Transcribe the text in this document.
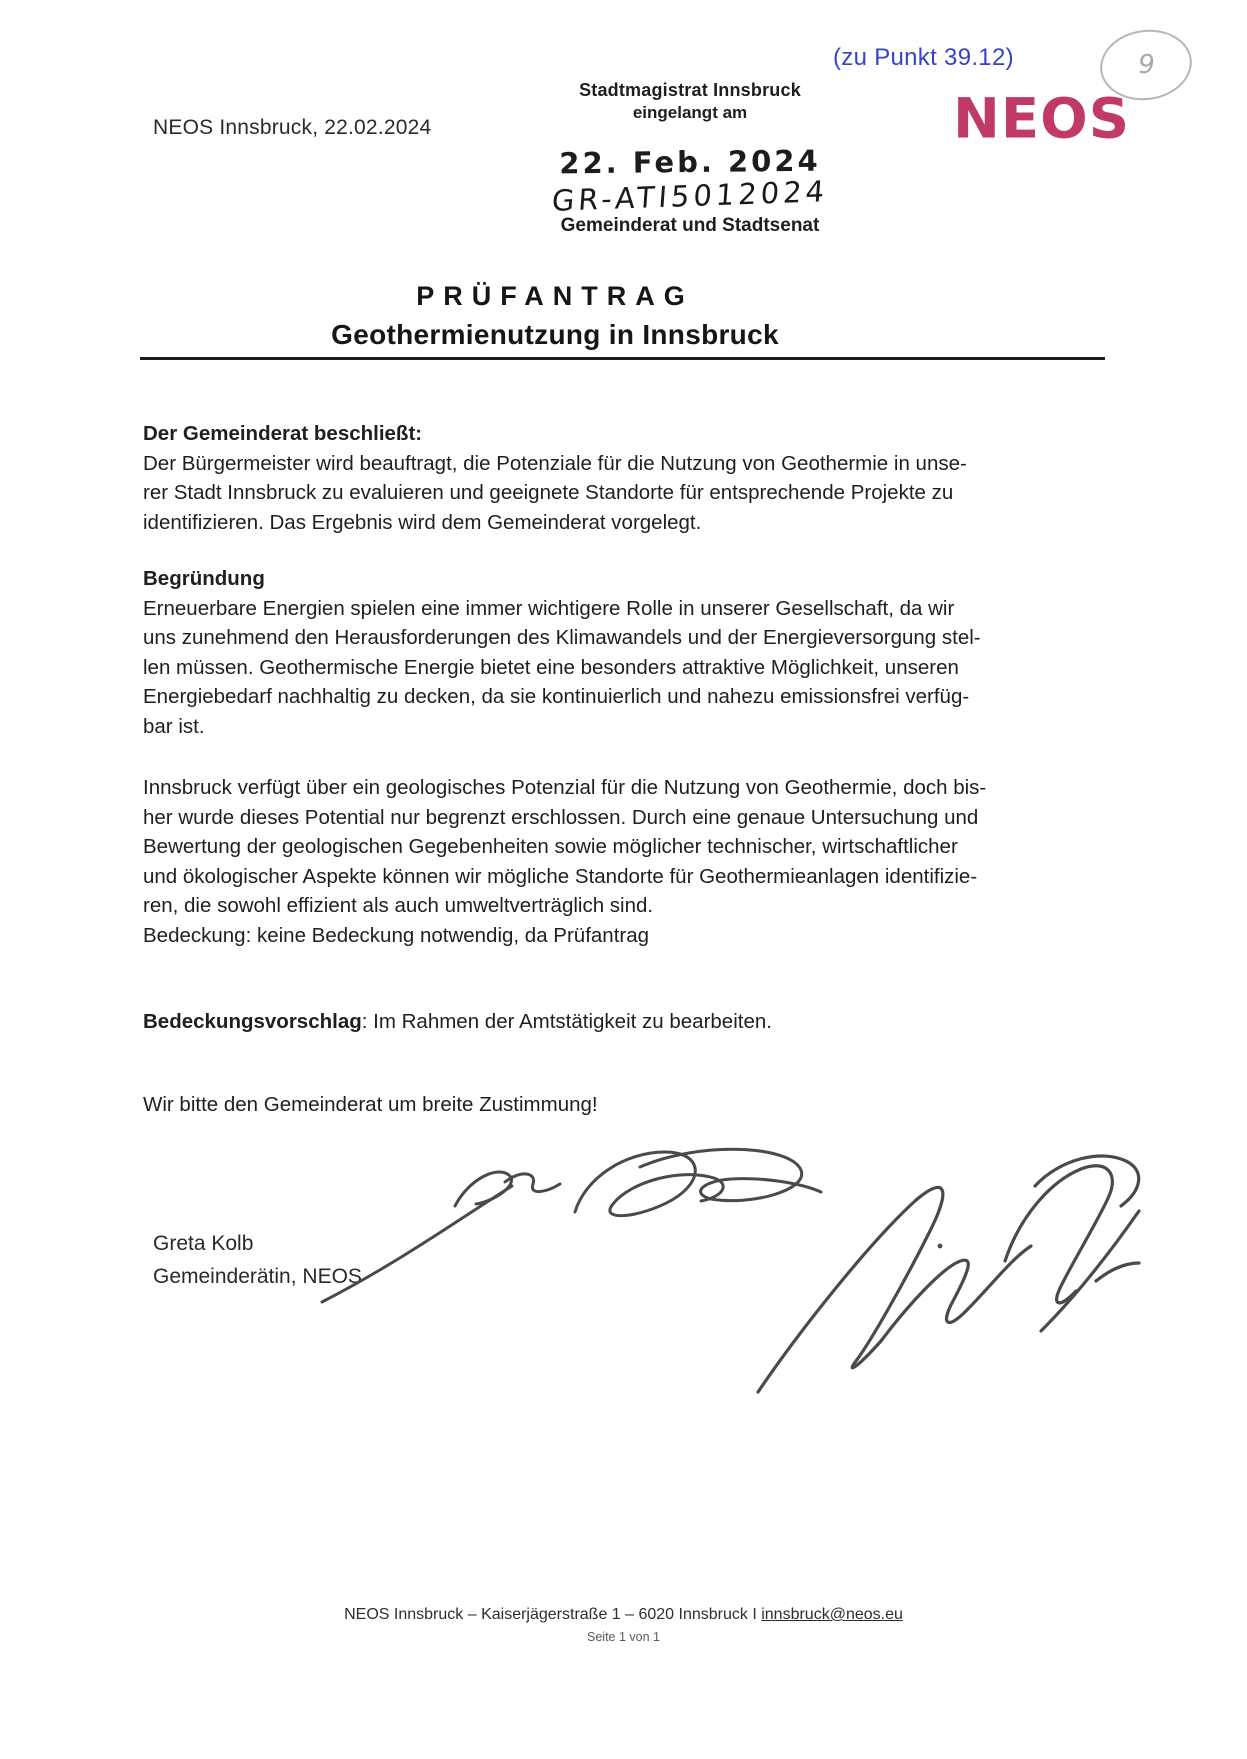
NEOS Innsbruck, 22.02.2024
(zu Punkt 39.12)
Stadtmagistrat Innsbruck
eingelangt am
22. Feb. 2024
GR-ATI5012024
Gemeinderat und Stadtsenat
NEOS
9
PRÜFANTRAG
Geothermienutzung in Innsbruck
Der Gemeinderat beschließt:
Der Bürgermeister wird beauftragt, die Potenziale für die Nutzung von Geothermie in unse-
rer Stadt Innsbruck zu evaluieren und geeignete Standorte für entsprechende Projekte zu
identifizieren. Das Ergebnis wird dem Gemeinderat vorgelegt.
Begründung
Erneuerbare Energien spielen eine immer wichtigere Rolle in unserer Gesellschaft, da wir
uns zunehmend den Herausforderungen des Klimawandels und der Energieversorgung stel-
len müssen. Geothermische Energie bietet eine besonders attraktive Möglichkeit, unseren
Energiebedarf nachhaltig zu decken, da sie kontinuierlich und nahezu emissionsfrei verfüg-
bar ist.
Innsbruck verfügt über ein geologisches Potenzial für die Nutzung von Geothermie, doch bis-
her wurde dieses Potential nur begrenzt erschlossen. Durch eine genaue Untersuchung und
Bewertung der geologischen Gegebenheiten sowie möglicher technischer, wirtschaftlicher
und ökologischer Aspekte können wir mögliche Standorte für Geothermieanlagen identifizie-
ren, die sowohl effizient als auch umweltverträglich sind.
Bedeckung: keine Bedeckung notwendig, da Prüfantrag
Bedeckungsvorschlag: Im Rahmen der Amtstätigkeit zu bearbeiten.
Wir bitte den Gemeinderat um breite Zustimmung!
Greta Kolb
Gemeinderätin, NEOS
NEOS Innsbruck – Kaiserjägerstraße 1 – 6020 Innsbruck I innsbruck@neos.eu
Seite 1 von 1
